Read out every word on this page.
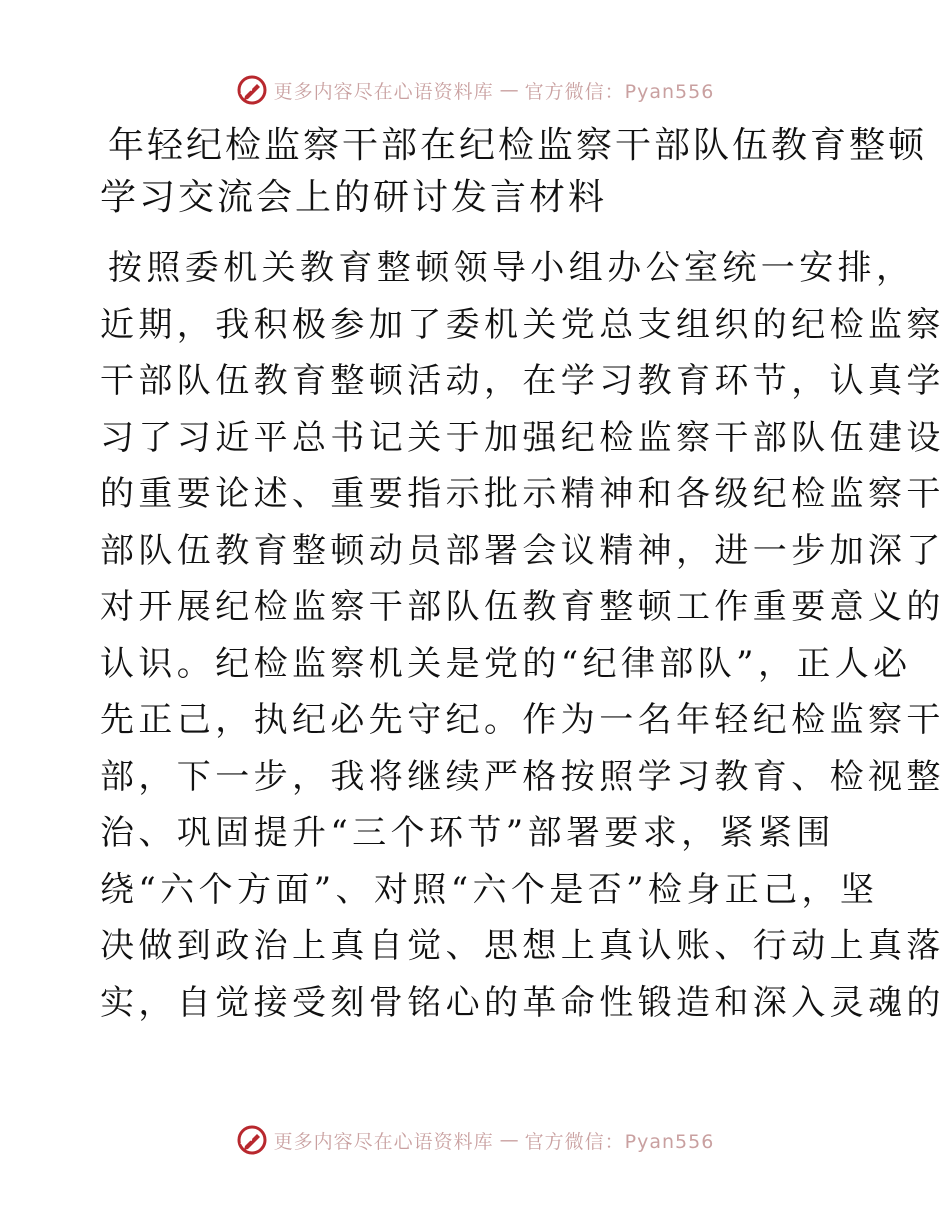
更多内容尽在心语资料库 — 官方微信：Pyan556
年轻纪检监察干部在纪检监察干部队伍教育整顿
学习交流会上的研讨发言材料
按照委机关教育整顿领导小组办公室统一安排，
近期，我积极参加了委机关党总支组织的纪检监察
干部队伍教育整顿活动，在学习教育环节，认真学
习了习近平总书记关于加强纪检监察干部队伍建设
的重要论述、重要指示批示精神和各级纪检监察干
部队伍教育整顿动员部署会议精神，进一步加深了
对开展纪检监察干部队伍教育整顿工作重要意义的
认识。纪检监察机关是党的“纪律部队”，正人必
先正己，执纪必先守纪。作为一名年轻纪检监察干
部，下一步，我将继续严格按照学习教育、检视整
治、巩固提升“三个环节”部署要求，紧紧围
绕“六个方面”、对照“六个是否”检身正己，坚
决做到政治上真自觉、思想上真认账、行动上真落
实，自觉接受刻骨铭心的革命性锻造和深入灵魂的
更多内容尽在心语资料库 — 官方微信：Pyan556
